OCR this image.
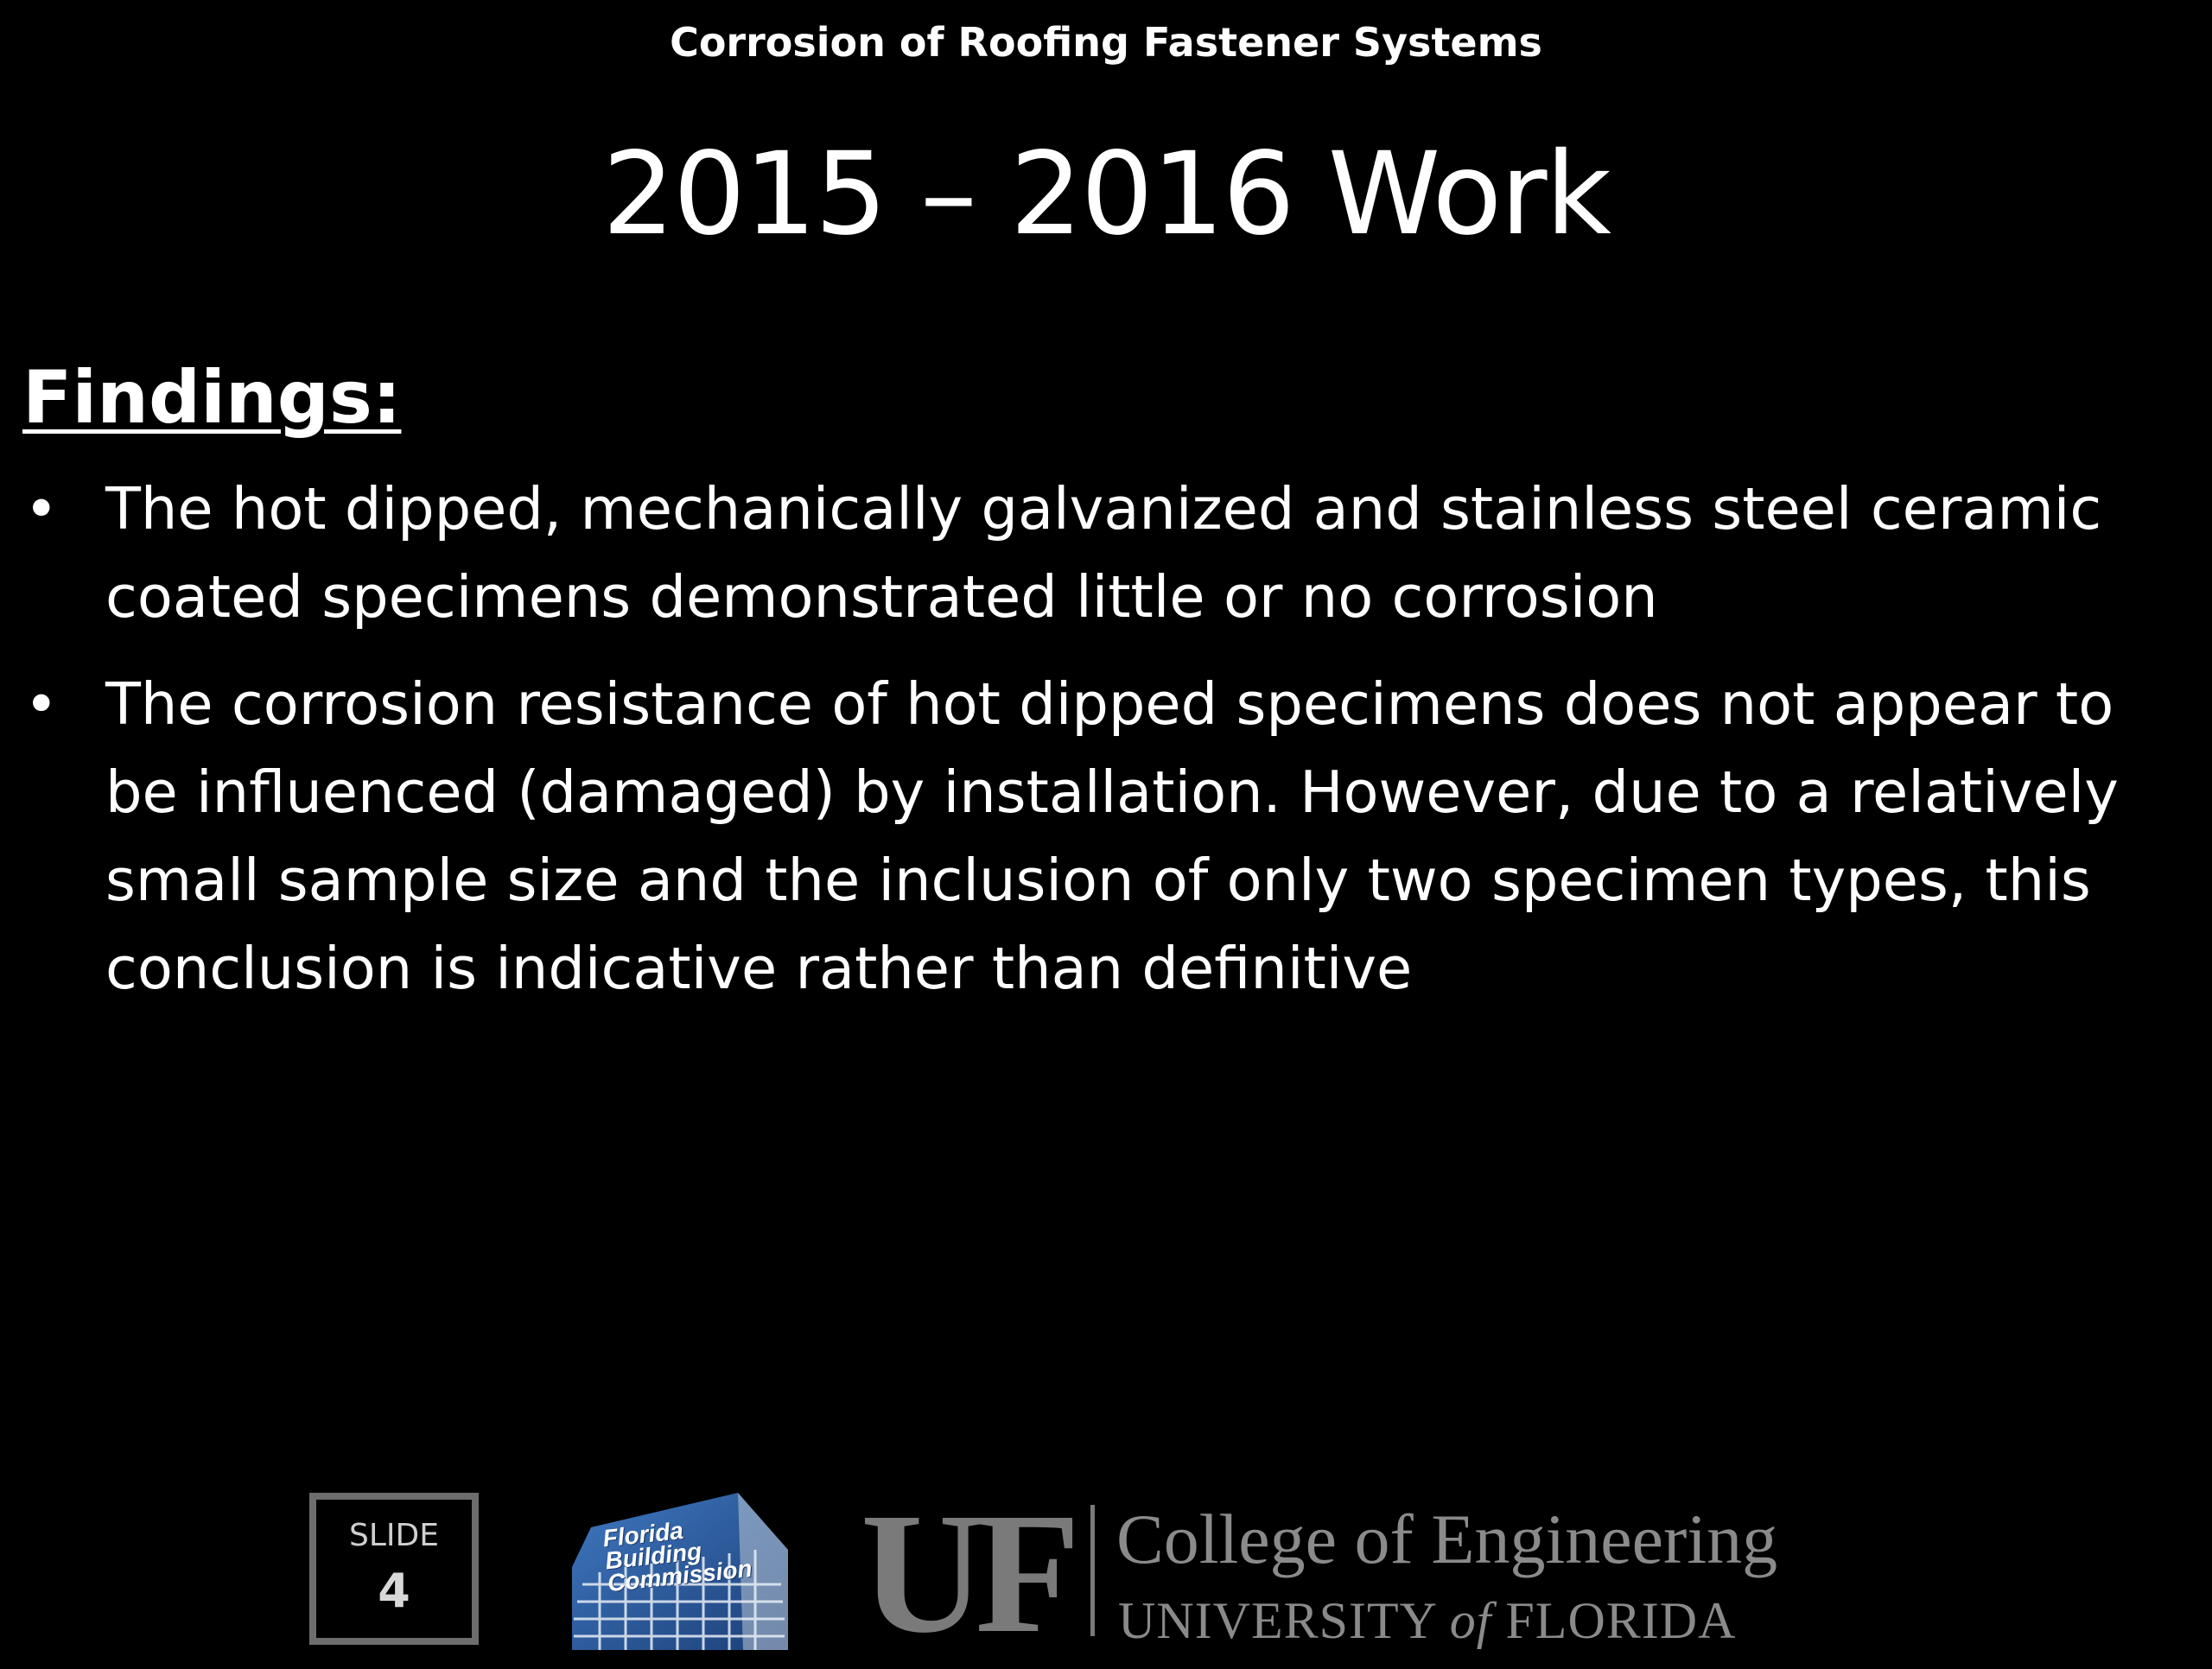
Corrosion of Roofing Fastener Systems
2015 – 2016 Work
Findings:
• The hot dipped, mechanically galvanized and stainless steel ceramic coated specimens demonstrated little or no corrosion
• The corrosion resistance of hot dipped specimens does not appear to be influenced (damaged) by installation. However, due to a relatively small sample size and the inclusion of only two specimen types, this conclusion is indicative rather than definitive
SLIDE
4
Florida Building Commission UF College of Engineering
UNIVERSITY of FLORIDA
